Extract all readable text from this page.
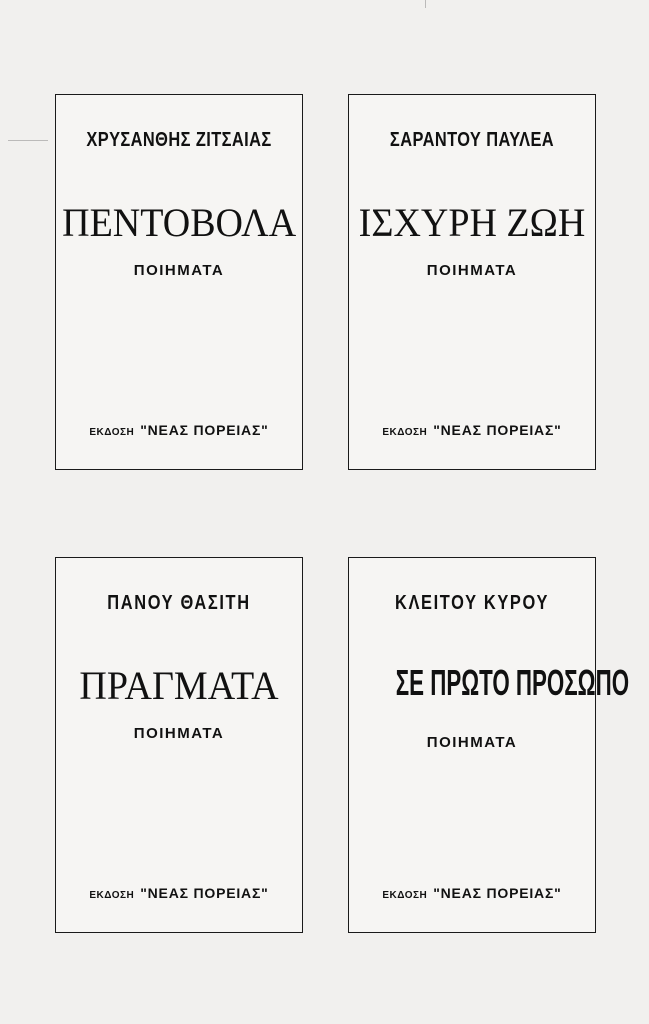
ΧΡΥΣΑΝΘΗΣ ΖΙΤΣΑΙΑΣ
ΠΕΝΤΟΒΟΛΑ
ΠΟΙΗΜΑΤΑ
ΕΚΔΟΣΗ "ΝΕΑΣ ΠΟΡΕΙΑΣ"
ΣΑΡΑΝΤΟΥ ΠΑΥΛΕΑ
ΙΣΧΥΡΗ ΖΩΗ
ΠΟΙΗΜΑΤΑ
ΕΚΔΟΣΗ "ΝΕΑΣ ΠΟΡΕΙΑΣ"
ΠΑΝΟΥ ΘΑΣΙΤΗ
ΠΡΑΓΜΑΤΑ
ΠΟΙΗΜΑΤΑ
ΕΚΔΟΣΗ "ΝΕΑΣ ΠΟΡΕΙΑΣ"
ΚΛΕΙΤΟΥ ΚΥΡΟΥ
ΣΕ ΠΡΩΤΟ ΠΡΟΣΩΠΟ
ΠΟΙΗΜΑΤΑ
ΕΚΔΟΣΗ "ΝΕΑΣ ΠΟΡΕΙΑΣ"
